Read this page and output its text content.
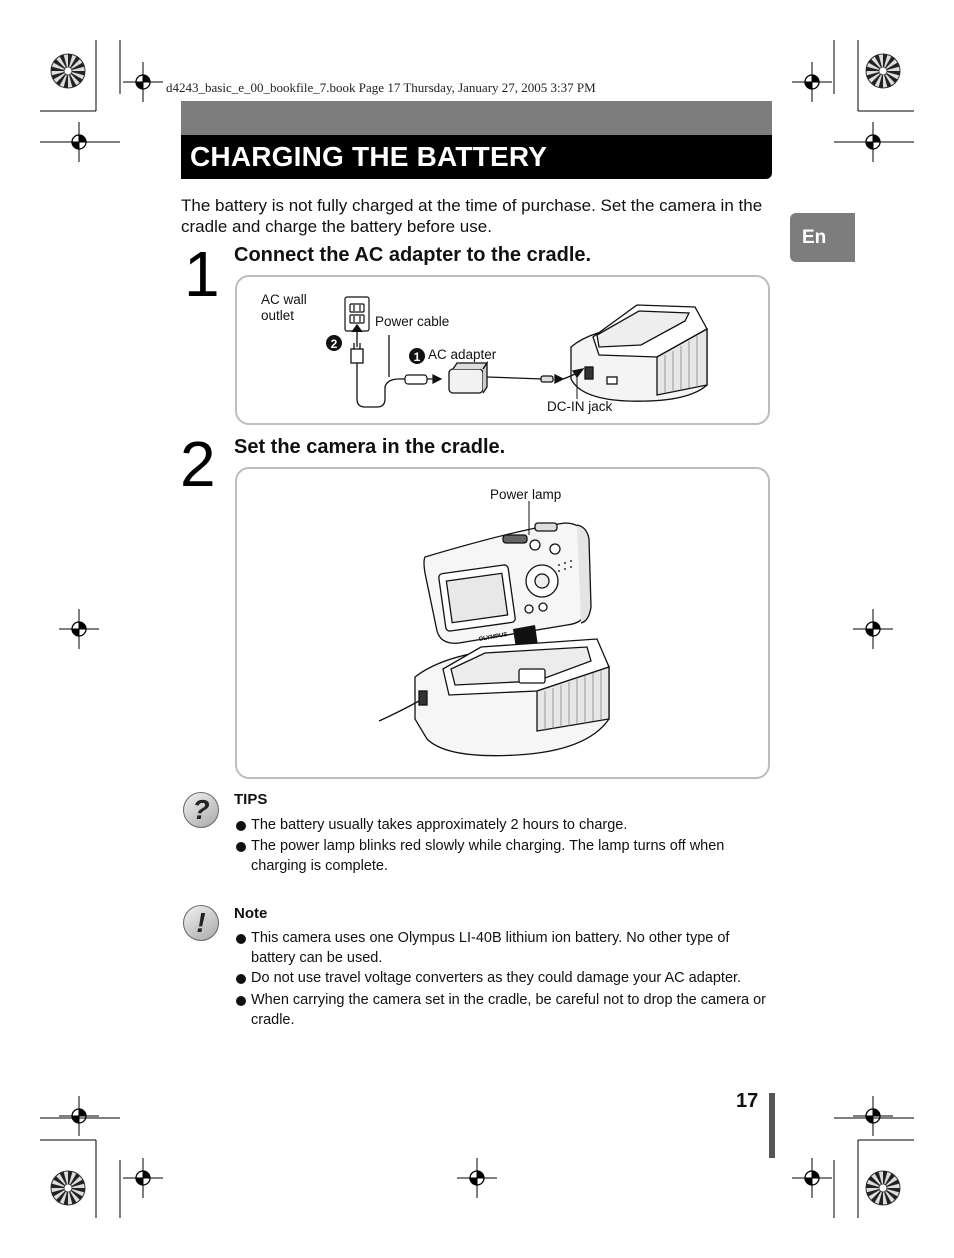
d4243_basic_e_00_bookfile_7.book Page 17 Thursday, January 27, 2005 3:37 PM
CHARGING THE BATTERY
The battery is not fully charged at the time of purchase. Set the camera in the cradle and charge the battery before use.
En
1 Connect the AC adapter to the cradle.
2
1
AC wall
outlet	Power cable
AC adapter
DC-IN jack
2 Set the camera in the cradle.
OLYMPUS
Power lamp
?	TIPS
The battery usually takes approximately 2 hours to charge.
The power lamp blinks red slowly while charging. The lamp turns off when charging is complete.
!	Note
This camera uses one Olympus LI-40B lithium ion battery. No other type of battery can be used.
Do not use travel voltage converters as they could damage your AC adapter.
When carrying the camera set in the cradle, be careful not to drop the camera or cradle.
17
